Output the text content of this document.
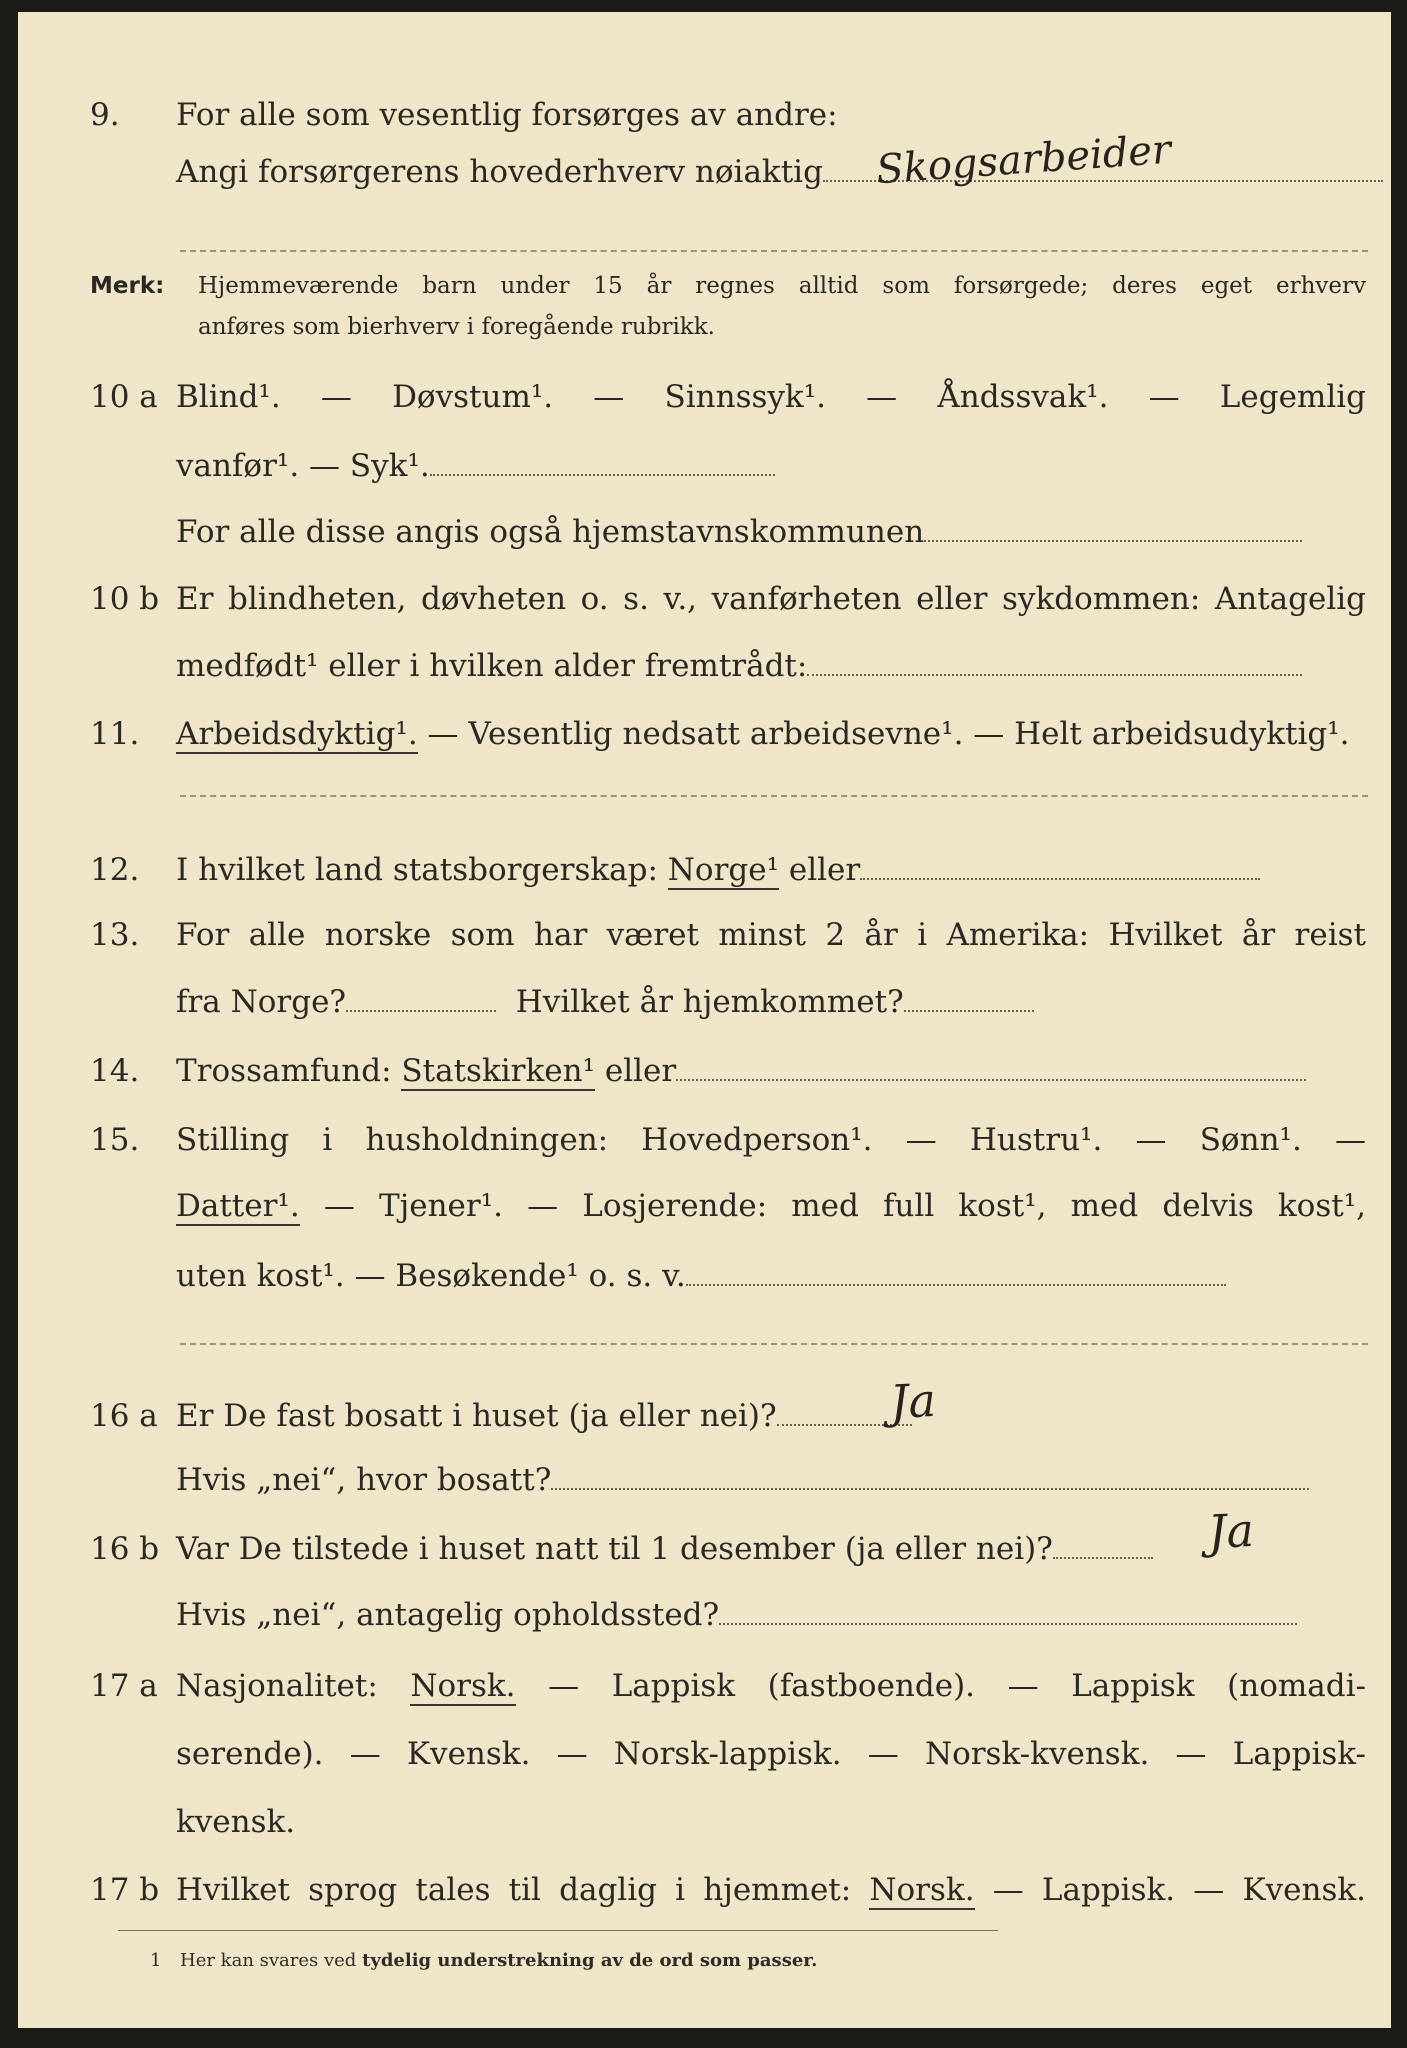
9.	For alle som vesentlig forsørges av andre:
Angi forsørgerens hovederhverv nøiaktig	Skogsarbeider
Merk: Hjemmeværende barn under 15 år regnes alltid som forsørgede; deres eget erhverv
anføres som bierhverv i foregående rubrikk.
10 a Blind¹. — Døvstum¹. — Sinnssyk¹. — Åndssvak¹. — Legemlig
vanfør¹. — Syk¹.
For alle disse angis også hjemstavnskommunen
10 b Er blindheten, døvheten o. s. v., vanførheten eller sykdommen: Antagelig
medfødt¹ eller i hvilken alder fremtrådt:
11.	Arbeidsdyktig¹. — Vesentlig nedsatt arbeidsevne¹. — Helt arbeidsudyktig¹.
12.	I hvilket land statsborgerskap: Norge¹ eller
13.	For alle norske som har været minst 2 år i Amerika: Hvilket år reist
fra Norge?	Hvilket år hjemkommet?
14.	Trossamfund: Statskirken¹ eller
15.	Stilling i husholdningen: Hovedperson¹. — Hustru¹. — Sønn¹. —
Datter¹. — Tjener¹. — Losjerende: med full kost¹, med delvis kost¹,
uten kost¹. — Besøkende¹ o. s. v.
16 a Er De fast bosatt i huset (ja eller nei)?	Ja
Hvis „nei“, hvor bosatt?
16 b Var De tilstede i huset natt til 1 desember (ja eller nei)?	Ja
Hvis „nei“, antagelig opholdssted?
17 a Nasjonalitet: Norsk. — Lappisk (fastboende). — Lappisk (nomadi-
serende). — Kvensk. — Norsk-lappisk. — Norsk-kvensk. — Lappisk-
kvensk.
17 b Hvilket sprog tales til daglig i hjemmet: Norsk. — Lappisk. — Kvensk.
1 Her kan svares ved tydelig understrekning av de ord som passer.
